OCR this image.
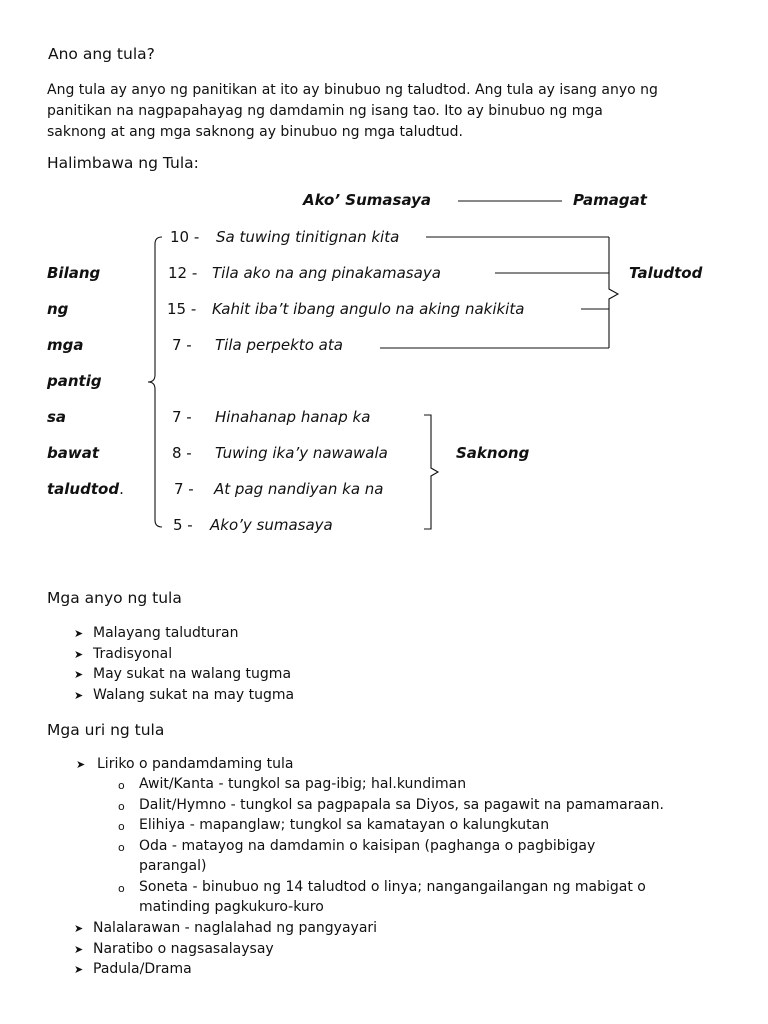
Ano ang tula?
Ang tula ay anyo ng panitikan at ito ay binubuo ng taludtod. Ang tula ay isang anyo ng
panitikan na nagpapahayag ng damdamin ng isang tao. Ito ay binubuo ng mga
saknong at ang mga saknong ay binubuo ng mga taludtud.
Halimbawa ng Tula:
Ako’ Sumasaya	Pamagat
Bilang
ng
mga
pantig
sa
bawat
taludtod.
10 - Sa tuwing tinitignan kita
12 - Tila ako na ang pinakamasaya
15 - Kahit iba’t ibang angulo na aking nakikita
7 - Tila perpekto ata
7 - Hinahanap hanap ka
8 - Tuwing ika’y nawawala
7 - At pag nandiyan ka na
5 - Ako’y sumasaya
Taludtod
Saknong
Mga anyo ng tula
➤ Malayang taludturan
➤ Tradisyonal
➤ May sukat na walang tugma
➤ Walang sukat na may tugma
Mga uri ng tula
➤ Liriko o pandamdaming tula
o Awit/Kanta - tungkol sa pag-ibig; hal.kundiman
o Dalit/Hymno - tungkol sa pagpapala sa Diyos, sa pagawit na pamamaraan.
o Elihiya - mapanglaw; tungkol sa kamatayan o kalungkutan
o Oda - matayog na damdamin o kaisipan (paghanga o pagbibigay
parangal)
o Soneta - binubuo ng 14 taludtod o linya; nangangailangan ng mabigat o
matinding pagkukuro-kuro
➤ Nalalarawan - naglalahad ng pangyayari
➤ Naratibo o nagsasalaysay
➤ Padula/Drama
